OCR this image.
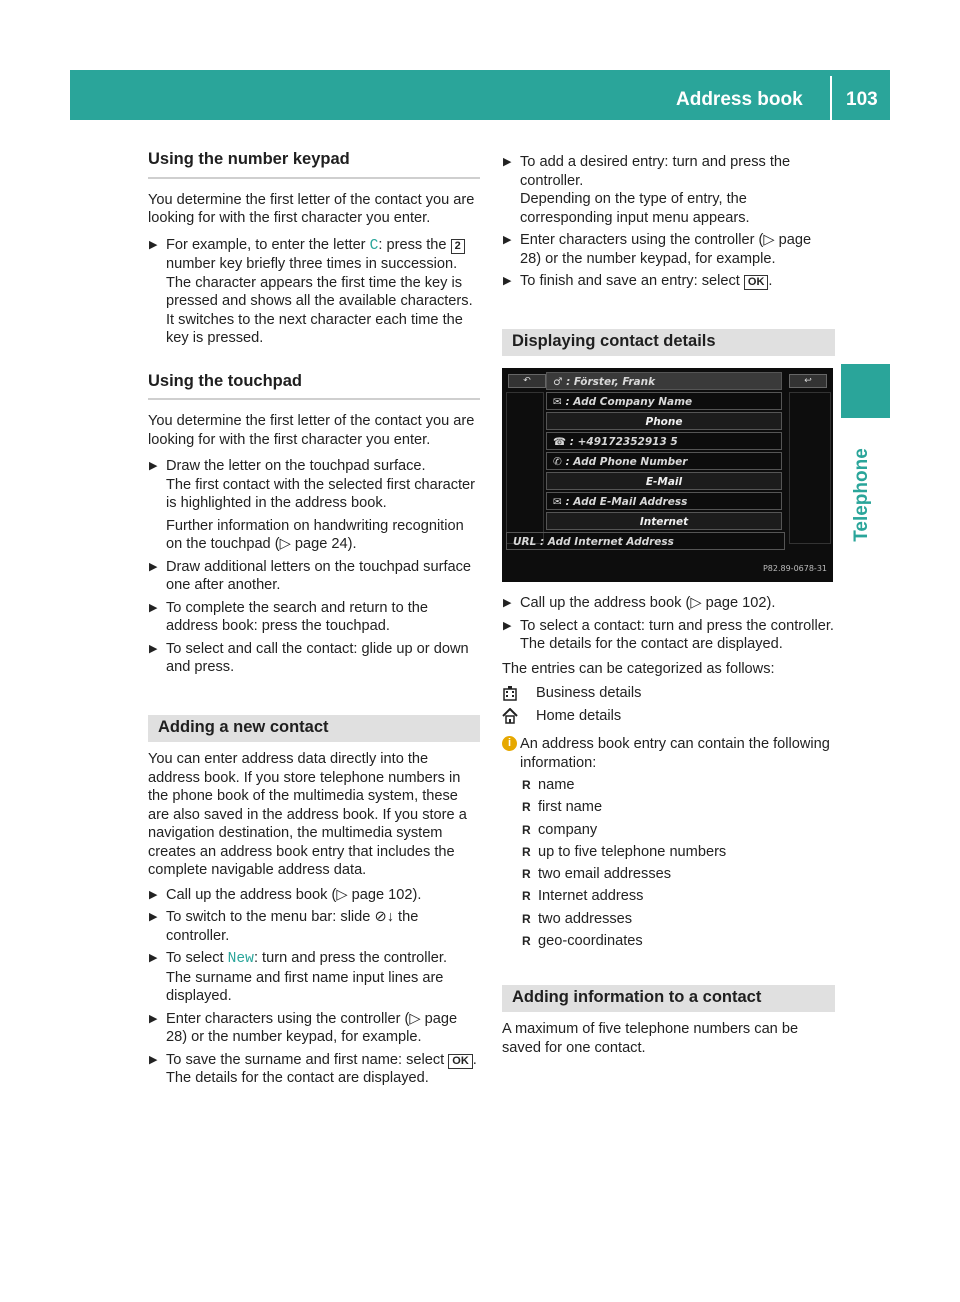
Address book 103
Telephone
Using the number keypad

You determine the first letter of the contact you are looking for with the first character you enter.

▶ For example, to enter the letter C: press the 2 number key briefly three times in succession.

The character appears the first time the key is pressed and shows all the available characters. It switches to the next character each time the key is pressed.

Using the touchpad

You determine the first letter of the contact you are looking for with the first character you enter.

▶ Draw the letter on the touchpad surface.

The first contact with the selected first character is highlighted in the address book.

Further information on handwriting recognition on the touchpad (▷ page 24).

▶ Draw additional letters on the touchpad surface one after another.

▶ To complete the search and return to the address book: press the touchpad.

▶ To select and call the contact: glide up or down and press.

Adding a new contact

You can enter address data directly into the address book. If you store telephone numbers in the phone book of the multimedia system, these are also saved in the address book. If you store a navigation destination, the multimedia system creates an address book entry that includes the complete navigable address data.

▶ Call up the address book (▷ page 102).

▶ To switch to the menu bar: slide ⊘↓ the controller.

▶ To select New: turn and press the controller.

The surname and first name input lines are displayed.

▶ Enter characters using the controller (▷ page 28) or the number keypad, for example.

▶ To save the surname and first name: select OK .

The details for the contact are displayed.

▶ To add a desired entry: turn and press the controller.

Depending on the type of entry, the corresponding input menu appears.

▶ Enter characters using the controller (▷ page 28) or the number keypad, for example.

▶ To finish and save an entry: select OK .

Displaying contact details
↶	↩
♂ : Förster, Frank
✉ : Add Company Name
Phone
☎ : +49172352913 5
✆ : Add Phone Number
E-Mail
✉ : Add E-Mail Address
Internet
URL : Add Internet Address
P82.89-0678-31
▶ Call up the address book (▷ page 102).

▶ To select a contact: turn and press the controller.

The details for the contact are displayed.

The entries can be categorized as follows:

Business details
Home details
i An address book entry can contain the following information:

R name

R first name

R company

R up to five telephone numbers

R two email addresses

R Internet address

R two addresses

R geo-coordinates

Adding information to a contact

A maximum of five telephone numbers can be saved for one contact.
